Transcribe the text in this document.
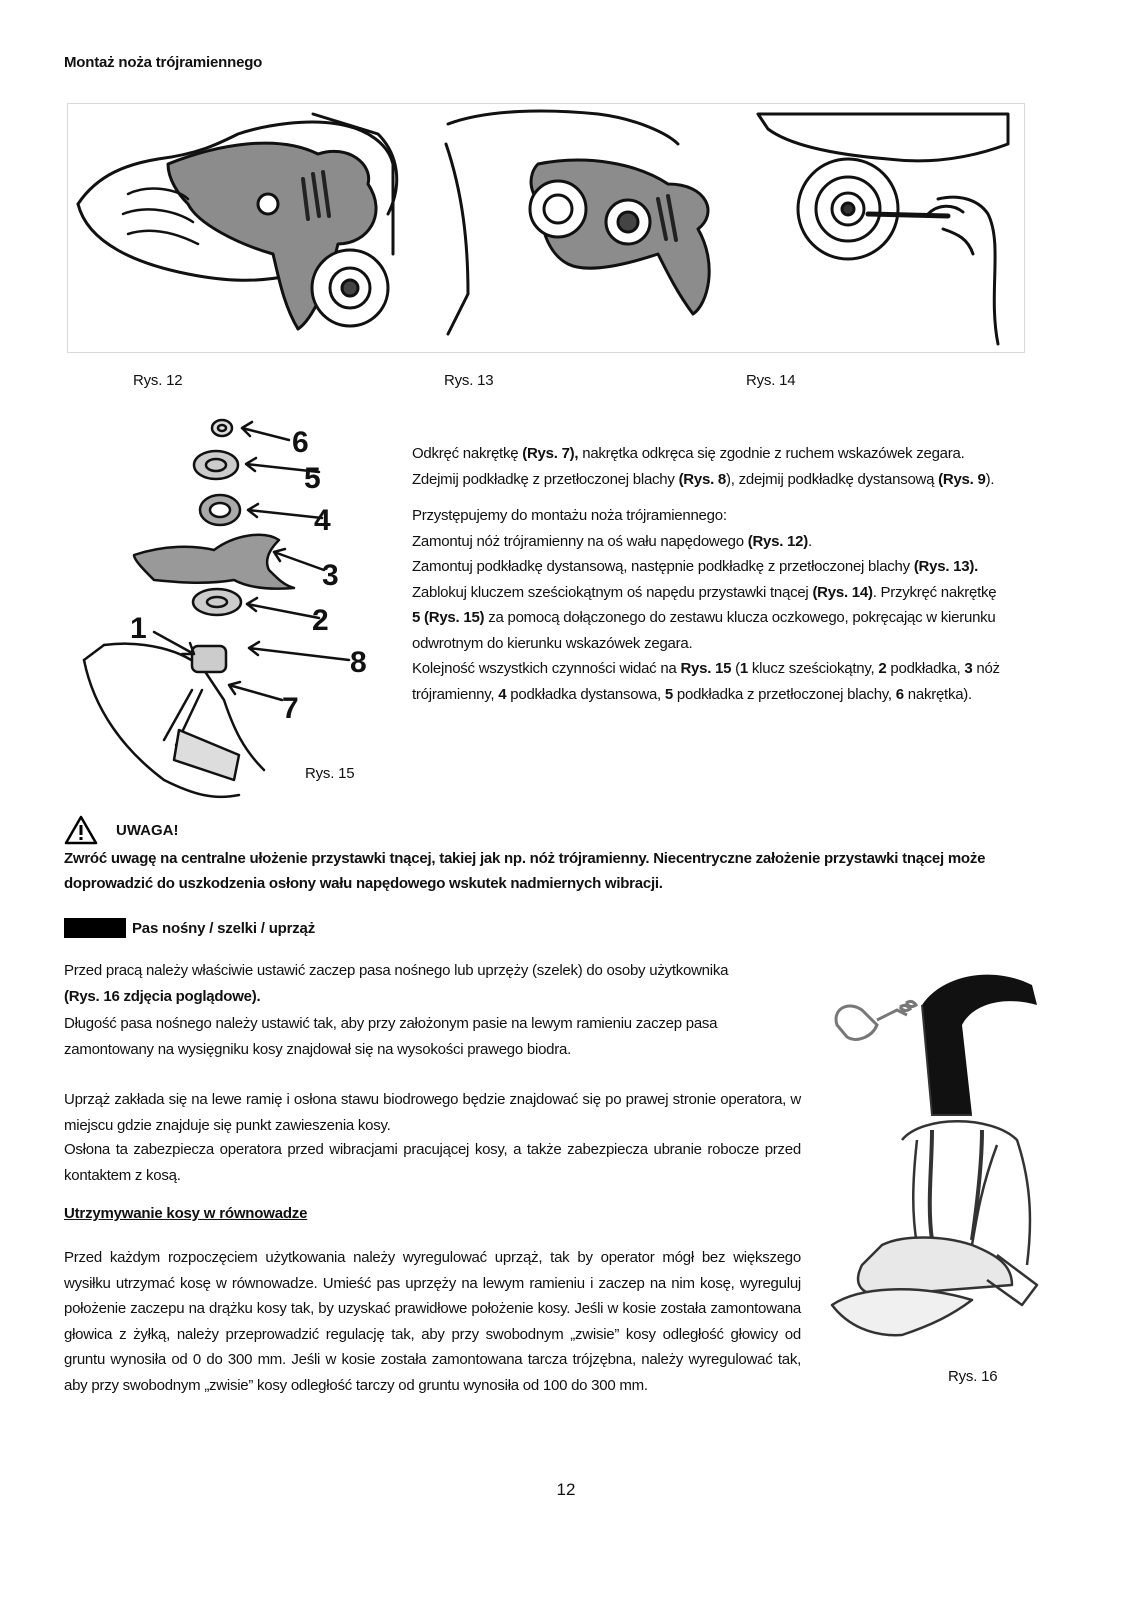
Montaż noża trójramiennego
Rys. 12	Rys. 13	Rys. 14
6
5
4
3
2
1
8
7
Rys. 15
Odkręć nakrętkę (Rys. 7), nakrętka odkręca się zgodnie z ruchem wskazówek zegara.
Zdejmij podkładkę z przetłoczonej blachy (Rys. 8), zdejmij podkładkę dystansową (Rys. 9).
Przystępujemy do montażu noża trójramiennego:
Zamontuj nóż trójramienny na oś wału napędowego (Rys. 12).
Zamontuj podkładkę dystansową, następnie podkładkę z przetłoczonej blachy (Rys. 13).
Zablokuj kluczem sześciokątnym oś napędu przystawki tnącej (Rys. 14). Przykręć nakrętkę
5 (Rys. 15) za pomocą dołączonego do zestawu klucza oczkowego, pokręcając w kierunku
odwrotnym do kierunku wskazówek zegara.
Kolejność wszystkich czynności widać na Rys. 15 (1 klucz sześciokątny, 2 podkładka, 3 nóż
trójramienny, 4 podkładka dystansowa, 5 podkładka z przetłoczonej blachy, 6 nakrętka).
UWAGA!
Zwróć uwagę na centralne ułożenie przystawki tnącej, takiej jak np. nóż trójramienny. Niecentryczne założenie przystawki tnącej może doprowadzić do uszkodzenia osłony wału napędowego wskutek nadmiernych wibracji.
Pas nośny / szelki / uprząż
Przed pracą należy właściwie ustawić zaczep pasa nośnego lub uprzęży (szelek) do osoby użytkownika
(Rys. 16 zdjęcia poglądowe).
Długość pasa nośnego należy ustawić tak, aby przy założonym pasie na lewym ramieniu zaczep pasa zamontowany na wysięgniku kosy znajdował się na wysokości prawego biodra.
Uprząż zakłada się na lewe ramię i osłona stawu biodrowego będzie znajdować się po prawej stronie operatora, w miejscu gdzie znajduje się punkt zawieszenia kosy.
Osłona ta zabezpiecza operatora przed wibracjami pracującej kosy, a także zabezpiecza ubranie robocze przed kontaktem z kosą.
Rys. 16
Utrzymywanie kosy w równowadze
Przed każdym rozpoczęciem użytkowania należy wyregulować uprząż, tak by operator mógł bez większego wysiłku utrzymać kosę w równowadze. Umieść pas uprzęży na lewym ramieniu i zaczep na nim kosę, wyreguluj położenie zaczepu na drążku kosy tak, by uzyskać prawidłowe położenie kosy. Jeśli w kosie została zamontowana głowica z żyłką, należy przeprowadzić regulację tak, aby przy swobodnym „zwisie” kosy odległość głowicy od gruntu wynosiła od 0 do 300 mm. Jeśli w kosie została zamontowana tarcza trójzębna, należy wyregulować tak, aby przy swobodnym „zwisie” kosy odległość tarczy od gruntu wynosiła od 100 do 300 mm.
12
